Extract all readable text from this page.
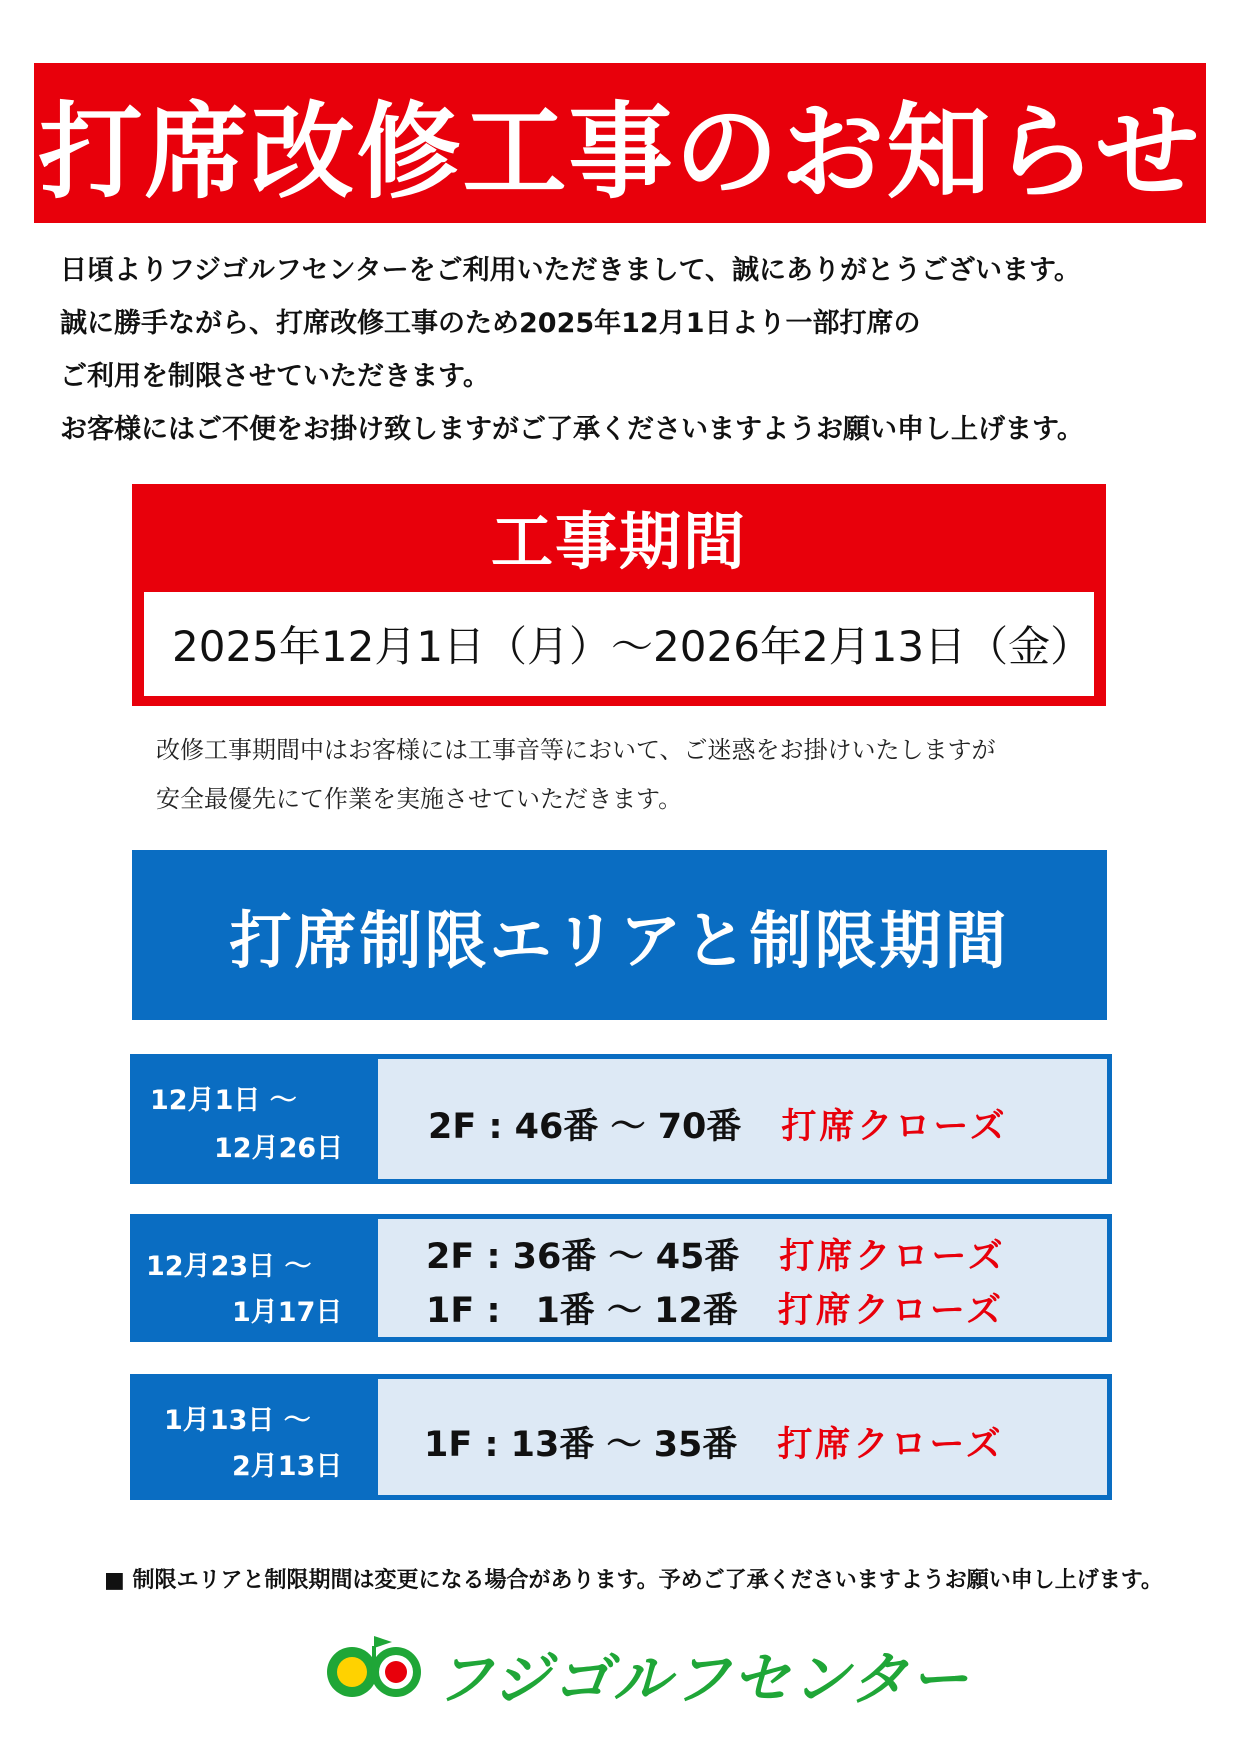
打席改修工事のお知らせ

日頃よりフジゴルフセンターをご利用いただきまして、誠にありがとうございます。

誠に勝手ながら、打席改修工事のため2025年12月1日より一部打席の

ご利用を制限させていただきます。

お客様にはご不便をお掛け致しますがご了承くださいますようお願い申し上げます。

工事期間
2025年12月1日（月）～2026年2月13日（金）

改修工事期間中はお客様には工事音等において、ご迷惑をお掛けいたしますが

安全最優先にて作業を実施させていただきます。

打席制限エリアと制限期間
12月1日 ～
12月26日
2F : 46番 ～ 70番 打席クローズ
12月23日 ～
1月17日
2F : 36番 ～ 45番 打席クローズ
1F :　1番 ～ 12番 打席クローズ
1月13日 ～
2月13日
1F : 13番 ～ 35番 打席クローズ
■ 制限エリアと制限期間は変更になる場合があります。予めご了承くださいますようお願い申し上げます。
フジゴルフセンター
